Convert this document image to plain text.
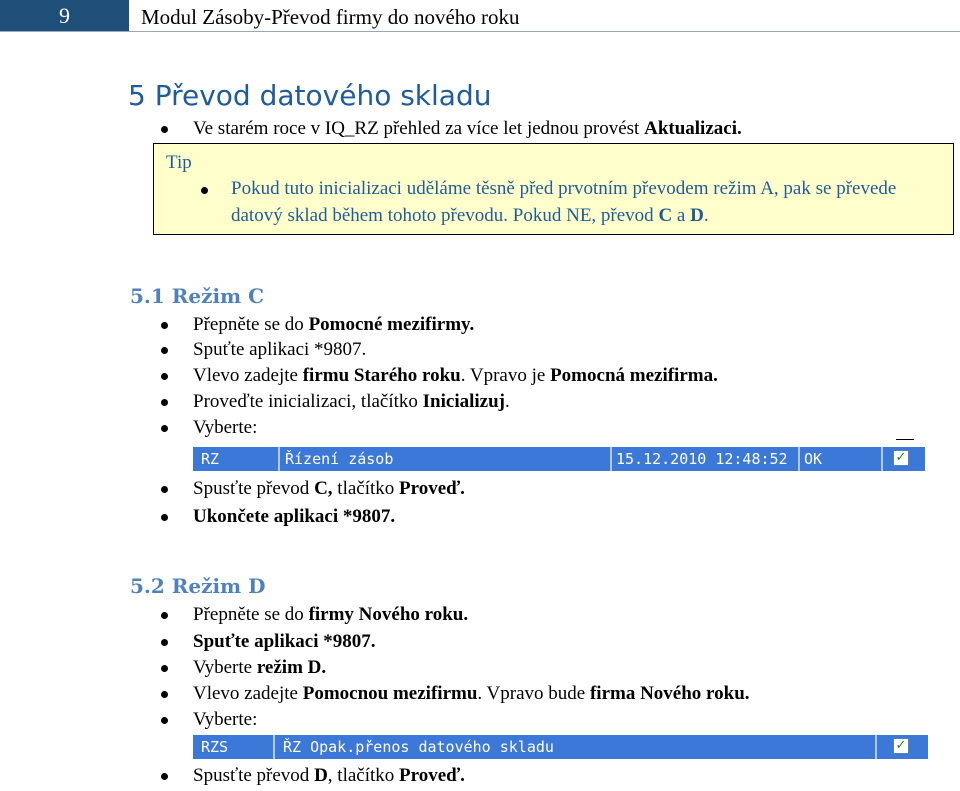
9	Modul Zásoby-Převod firmy do nového roku
5 Převod datového skladu
Ve starém roce v IQ_RZ přehled za více let jednou provést Aktualizaci.
Tip
Pokud tuto inicializaci uděláme těsně před prvotním převodem režim A, pak se převede datový sklad během tohoto převodu. Pokud NE, převod C a D.
5.1 Režim C
Přepněte se do Pomocné mezifirmy.
Spuťte aplikaci *9807.
Vlevo zadejte firmu Starého roku. Vpravo je Pomocná mezifirma.
Proveďte inicializaci, tlačítko Inicializuj.
Vyberte:
RZ	Řízení zásob	15.12.2010 12:48:52 OK	✓
Spusťte převod C, tlačítko Proveď.
Ukončete aplikaci *9807.
5.2 Režim D
Přepněte se do firmy Nového roku.
Spuťte aplikaci *9807.
Vyberte režim D.
Vlevo zadejte Pomocnou mezifirmu. Vpravo bude firma Nového roku.
Vyberte:
RZS	ŘZ Opak.přenos datového skladu	✓
Spusťte převod D, tlačítko Proveď.
